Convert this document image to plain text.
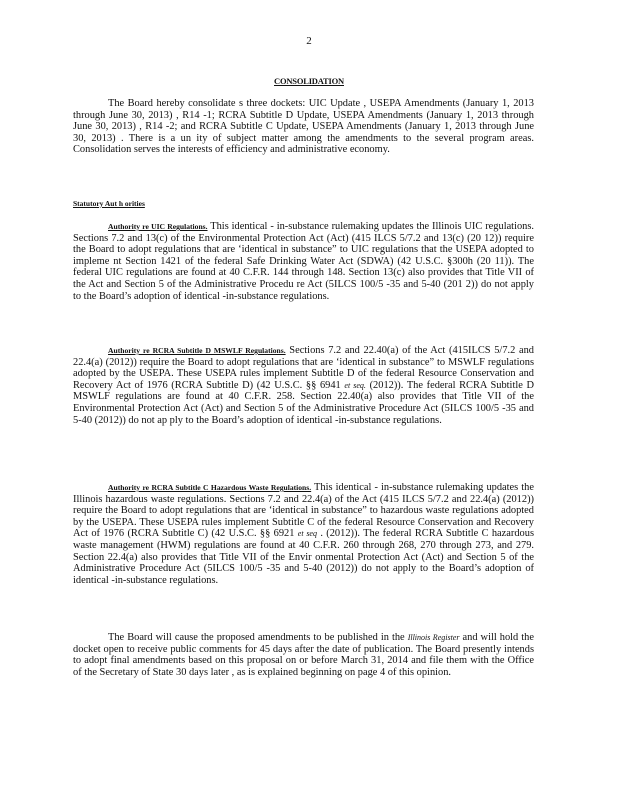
2
CONSOLIDATION

The Board hereby consolidate s three dockets: UIC Update , USEPA Amendments (January 1, 2013 through June 30, 2013) , R14 -1; RCRA Subtitle D Update, USEPA Amendments (January 1, 2013 through June 30, 2013) , R14 -2; and RCRA Subtitle C Update, USEPA Amendments (January 1, 2013 through June 30, 2013) . There is a un ity of subject matter among the amendments to the several program areas. Consolidation serves the interests of efficiency and administrative economy.

Statutory Aut h orities

Authority re UIC Regulations. This identical - in-substance rulemaking updates the Illinois UIC regulations. Sections 7.2 and 13(c) of the Environmental Protection Act (Act) (415 ILCS 5/7.2 and 13(c) (20 12)) require the Board to adopt regulations that are ‘identical in substance” to UIC regulations that the USEPA adopted to impleme nt Section 1421 of the federal Safe Drinking Water Act (SDWA) (42 U.S.C. §300h (20 11)). The federal UIC regulations are found at 40 C.F.R. 144 through 148. Section 13(c) also provides that Title VII of the Act and Section 5 of the Administrative Procedu re Act (5ILCS 100/5 -35 and 5-40 (201 2)) do not apply to the Board’s adoption of identical -in-substance regulations.

Authority re RCRA Subtitle D MSWLF Regulations. Sections 7.2 and 22.40(a) of the Act (415ILCS 5/7.2 and 22.4(a) (2012)) require the Board to adopt regulations that are ‘identical in substance” to MSWLF regulations adopted by the USEPA. These USEPA rules implement Subtitle D of the federal Resource Conservation and Recovery Act of 1976 (RCRA Subtitle D) (42 U.S.C. §§ 6941 et seq. (2012)). The federal RCRA Subtitle D MSWLF regulations are found at 40 C.F.R. 258. Section 22.40(a) also provides that Title VII of the Environmental Protection Act (Act) and Section 5 of the Administrative Procedure Act (5ILCS 100/5 -35 and 5-40 (2012)) do not ap ply to the Board’s adoption of identical -in-substance regulations.

Authority re RCRA Subtitle C Hazardous Waste Regulations. This identical - in-substance rulemaking updates the Illinois hazardous waste regulations. Sections 7.2 and 22.4(a) of the Act (415 ILCS 5/7.2 and 22.4(a) (2012)) require the Board to adopt regulations that are ‘identical in substance” to hazardous waste regulations adopted by the USEPA. These USEPA rules implement Subtitle C of the federal Resource Conservation and Recovery Act of 1976 (RCRA Subtitle C) (42 U.S.C. §§ 6921 et seq . (2012)). The federal RCRA Subtitle C hazardous waste management (HWM) regulations are found at 40 C.F.R. 260 through 268, 270 through 273, and 279. Section 22.4(a) also provides that Title VII of the Envir onmental Protection Act (Act) and Section 5 of the Administrative Procedure Act (5ILCS 100/5 -35 and 5-40 (2012)) do not apply to the Board’s adoption of identical -in-substance regulations.

The Board will cause the proposed amendments to be published in the Illinois Register and will hold the docket open to receive public comments for 45 days after the date of publication. The Board presently intends to adopt final amendments based on this proposal on or before March 31, 2014 and file them with the Office of the Secretary of State 30 days later , as is explained beginning on page 4 of this opinion.
